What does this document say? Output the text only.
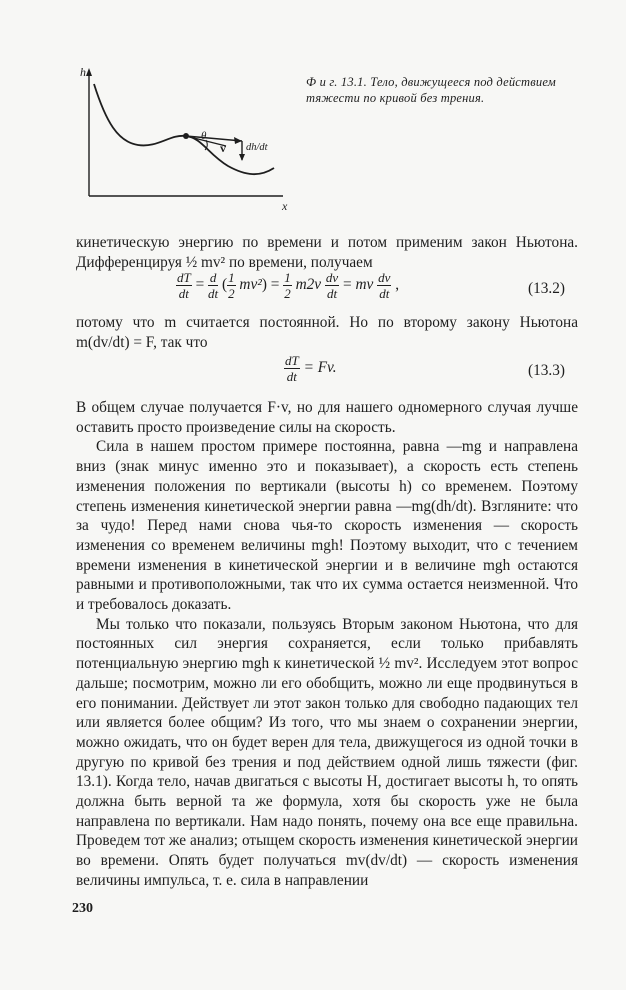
h
x
θ
v dh/dt
Ф и г. 13.1. Тело, движущееся под действием тяжести по кривой без трения.
кинетическую энергию по времени и потом применим закон Ньютона. Дифференцируя ½ mv² по времени, получаем
$\frac{dT}{dt} = \frac{d}{dt}$ ( $\frac{1}{2} mv^2) = \frac{1}{2} m2v \frac{dv}{dt}$ = mv $\frac{dv}{dt}$ ,	(13.2)
потому что m считается постоянной. Но по второму закону Ньютона m(dv/dt) = F, так что
$\frac{dT}{dt} = Fv$.	(13.3)
В общем случае получается F·v, но для нашего одномерного случая лучше оставить просто произведение силы на скорость.
Сила в нашем простом примере постоянна, равна —mg и направлена вниз (знак минус именно это и показывает), а скорость есть степень изменения положения по вертикали (высоты h) со временем. Поэтому степень изменения кинетической энергии равна —mg(dh/dt). Взгляните: что за чудо! Перед нами снова чья-то скорость изменения — скорость изменения со временем величины mgh! Поэтому выходит, что с течением времени изменения в кинетической энергии и в величине mgh остаются равными и противоположными, так что их сумма остается неизменной. Что и требовалось доказать.
Мы только что показали, пользуясь Вторым законом Ньютона, что для постоянных сил энергия сохраняется, если только прибавлять потенциальную энергию mgh к кинетической ½ mv². Исследуем этот вопрос дальше; посмотрим, можно ли его обобщить, можно ли еще продвинуться в его понимании. Действует ли этот закон только для свободно падающих тел или является более общим? Из того, что мы знаем о сохранении энергии, можно ожидать, что он будет верен для тела, движущегося из одной точки в другую по кривой без трения и под действием одной лишь тяжести (фиг. 13.1). Когда тело, начав двигаться с высоты H, достигает высоты h, то опять должна быть верной та же формула, хотя бы скорость уже не была направлена по вертикали. Нам надо понять, почему она все еще правильна. Проведем тот же анализ; отыщем скорость изменения кинетической энергии во времени. Опять будет получаться mv(dv/dt) — скорость изменения величины импульса, т. е. сила в направлении
230
